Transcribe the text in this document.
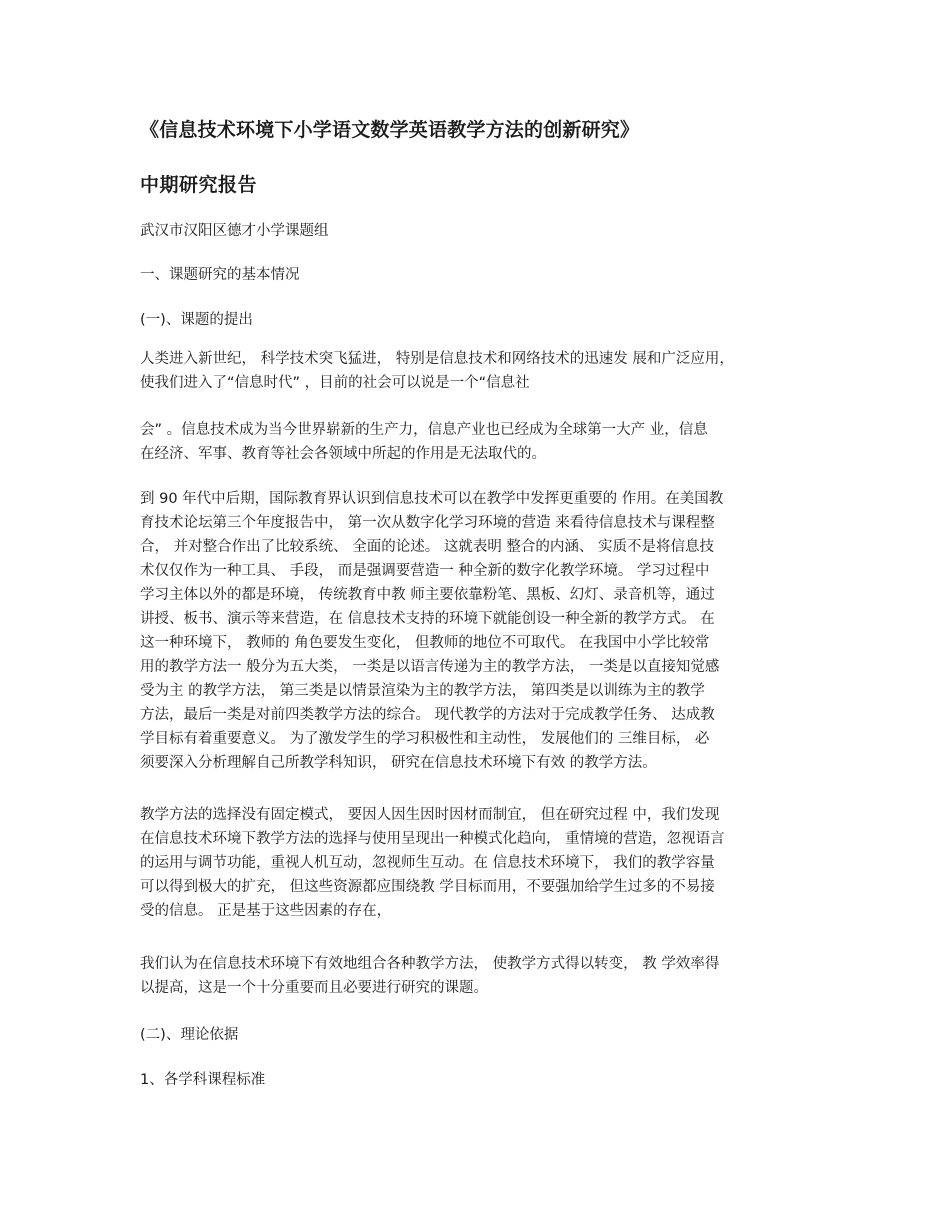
《信息技术环境下小学语文数学英语教学方法的创新研究》
中期研究报告

武汉市汉阳区德才小学课题组

一、课题研究的基本情况

(一)、课题的提出

人类进入新世纪， 科学技术突飞猛进， 特别是信息技术和网络技术的迅速发 展和广泛应用，
使我们进入了“信息时代” ，目前的社会可以说是一个“信息社

会” 。信息技术成为当今世界崭新的生产力，信息产业也已经成为全球第一大产 业，信息
在经济、军事、教育等社会各领域中所起的作用是无法取代的。

到 90 年代中后期，国际教育界认识到信息技术可以在教学中发挥更重要的 作用。在美国教
育技术论坛第三个年度报告中， 第一次从数字化学习环境的营造 来看待信息技术与课程整
合， 并对整合作出了比较系统、 全面的论述。 这就表明 整合的内涵、 实质不是将信息技
术仅仅作为一种工具、 手段， 而是强调要营造一 种全新的数字化教学环境。 学习过程中
学习主体以外的都是环境， 传统教育中教 师主要依靠粉笔、黑板、幻灯、录音机等，通过
讲授、板书、演示等来营造，在 信息技术支持的环境下就能创设一种全新的教学方式。 在
这一种环境下， 教师的 角色要发生变化， 但教师的地位不可取代。 在我国中小学比较常
用的教学方法一 般分为五大类， 一类是以语言传递为主的教学方法， 一类是以直接知觉感
受为主 的教学方法， 第三类是以情景渲染为主的教学方法， 第四类是以训练为主的教学
方法，最后一类是对前四类教学方法的综合。 现代教学的方法对于完成教学任务、 达成教
学目标有着重要意义。 为了激发学生的学习积极性和主动性， 发展他们的 三维目标， 必
须要深入分析理解自己所教学科知识， 研究在信息技术环境下有效 的教学方法。

教学方法的选择没有固定模式， 要因人因生因时因材而制宜， 但在研究过程 中，我们发现
在信息技术环境下教学方法的选择与使用呈现出一种模式化趋向， 重情境的营造，忽视语言
的运用与调节功能，重视人机互动，忽视师生互动。在 信息技术环境下， 我们的教学容量
可以得到极大的扩充， 但这些资源都应围绕教 学目标而用，不要强加给学生过多的不易接
受的信息。 正是基于这些因素的存在，

我们认为在信息技术环境下有效地组合各种教学方法， 使教学方式得以转变， 教 学效率得
以提高，这是一个十分重要而且必要进行研究的课题。

(二)、理论依据

1、各学科课程标准
